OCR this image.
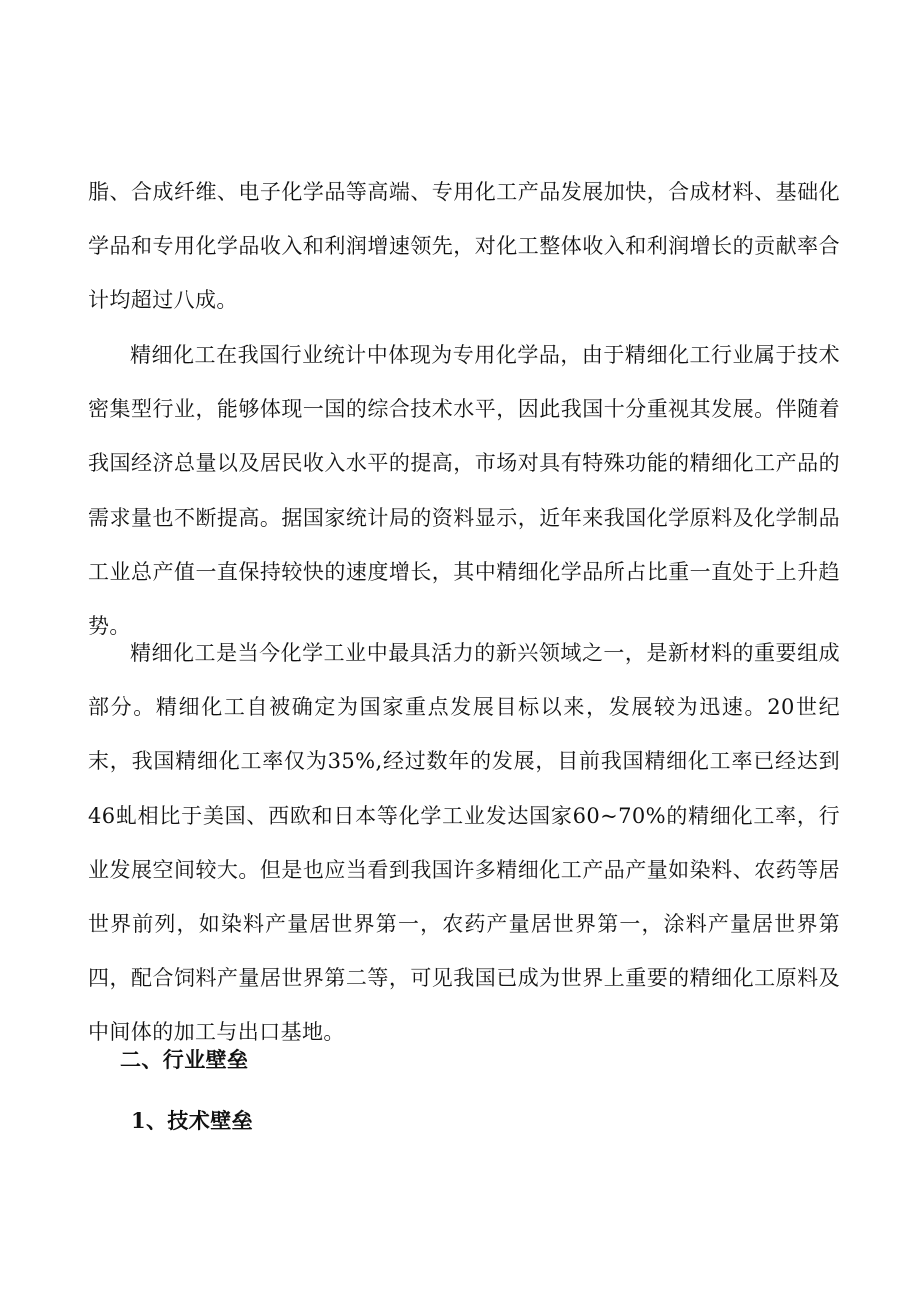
脂、合成纤维、电子化学品等高端、专用化工产品发展加快，合成材料、基础化学品和专用化学品收入和利润增速领先，对化工整体收入和利润增长的贡献率合计均超过八成。

精细化工在我国行业统计中体现为专用化学品，由于精细化工行业属于技术密集型行业，能够体现一国的综合技术水平，因此我国十分重视其发展。伴随着我国经济总量以及居民收入水平的提高，市场对具有特殊功能的精细化工产品的需求量也不断提高。据国家统计局的资料显示，近年来我国化学原料及化学制品工业总产值一直保持较快的速度增长，其中精细化学品所占比重一直处于上升趋势。

精细化工是当今化学工业中最具活力的新兴领域之一，是新材料的重要组成部分。精细化工自被确定为国家重点发展目标以来，发展较为迅速。20世纪末，我国精细化工率仅为35%,经过数年的发展，目前我国精细化工率已经达到46虬相比于美国、西欧和日本等化学工业发达国家60~70%的精细化工率，行业发展空间较大。但是也应当看到我国许多精细化工产品产量如染料、农药等居世界前列，如染料产量居世界第一，农药产量居世界第一，涂料产量居世界第四，配合饲料产量居世界第二等，可见我国已成为世界上重要的精细化工原料及中间体的加工与出口基地。

二、行业壁垒
1、技术壁垒
